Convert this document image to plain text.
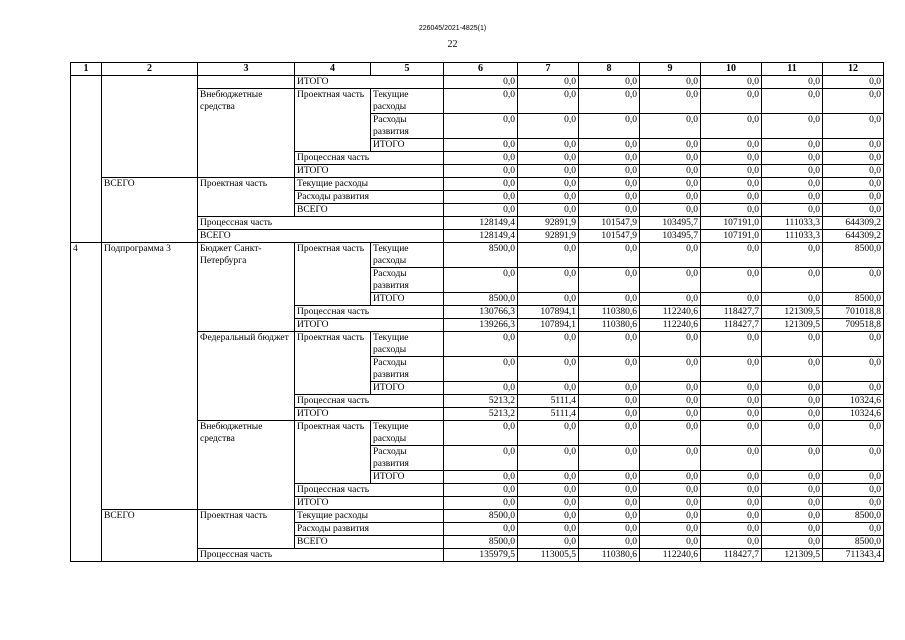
226045/2021-4825(1)
22
1	2	3	4	5	6	7	8	9	10	11	12
			ИТОГО		0,0	0,0	0,0	0,0	0,0	0,0	0,0
		Внебюджетные средства	Проектная часть	Текущие расходы	0,0	0,0	0,0	0,0	0,0	0,0	0,0
				Расходы развития	0,0	0,0	0,0	0,0	0,0	0,0	0,0
				ИТОГО	0,0	0,0	0,0	0,0	0,0	0,0	0,0
			Процессная часть		0,0	0,0	0,0	0,0	0,0	0,0	0,0
			ИТОГО		0,0	0,0	0,0	0,0	0,0	0,0	0,0
	ВСЕГО	Проектная часть	Текущие расходы		0,0	0,0	0,0	0,0	0,0	0,0	0,0
			Расходы развития		0,0	0,0	0,0	0,0	0,0	0,0	0,0
			ВСЕГО		0,0	0,0	0,0	0,0	0,0	0,0	0,0
		Процессная часть			128149,4	92891,9	101547,9	103495,7	107191,0	111033,3	644309,2
		ВСЕГО			128149,4	92891,9	101547,9	103495,7	107191,0	111033,3	644309,2
4	Подпрограмма 3	Бюджет Санкт-Петербурга	Проектная часть	Текущие расходы	8500,0	0,0	0,0	0,0	0,0	0,0	8500,0
				Расходы развития	0,0	0,0	0,0	0,0	0,0	0,0	0,0
				ИТОГО	8500,0	0,0	0,0	0,0	0,0	0,0	8500,0
			Процессная часть		130766,3	107894,1	110380,6	112240,6	118427,7	121309,5	701018,8
			ИТОГО		139266,3	107894,1	110380,6	112240,6	118427,7	121309,5	709518,8
		Федеральный бюджет	Проектная часть	Текущие расходы	0,0	0,0	0,0	0,0	0,0	0,0	0,0
				Расходы развития	0,0	0,0	0,0	0,0	0,0	0,0	0,0
				ИТОГО	0,0	0,0	0,0	0,0	0,0	0,0	0,0
			Процессная часть		5213,2	5111,4	0,0	0,0	0,0	0,0	10324,6
			ИТОГО		5213,2	5111,4	0,0	0,0	0,0	0,0	10324,6
		Внебюджетные средства	Проектная часть	Текущие расходы	0,0	0,0	0,0	0,0	0,0	0,0	0,0
				Расходы развития	0,0	0,0	0,0	0,0	0,0	0,0	0,0
				ИТОГО	0,0	0,0	0,0	0,0	0,0	0,0	0,0
			Процессная часть		0,0	0,0	0,0	0,0	0,0	0,0	0,0
			ИТОГО		0,0	0,0	0,0	0,0	0,0	0,0	0,0
	ВСЕГО	Проектная часть	Текущие расходы		8500,0	0,0	0,0	0,0	0,0	0,0	8500,0
			Расходы развития		0,0	0,0	0,0	0,0	0,0	0,0	0,0
			ВСЕГО		8500,0	0,0	0,0	0,0	0,0	0,0	8500,0
		Процессная часть			135979,5	113005,5	110380,6	112240,6	118427,7	121309,5	711343,4
